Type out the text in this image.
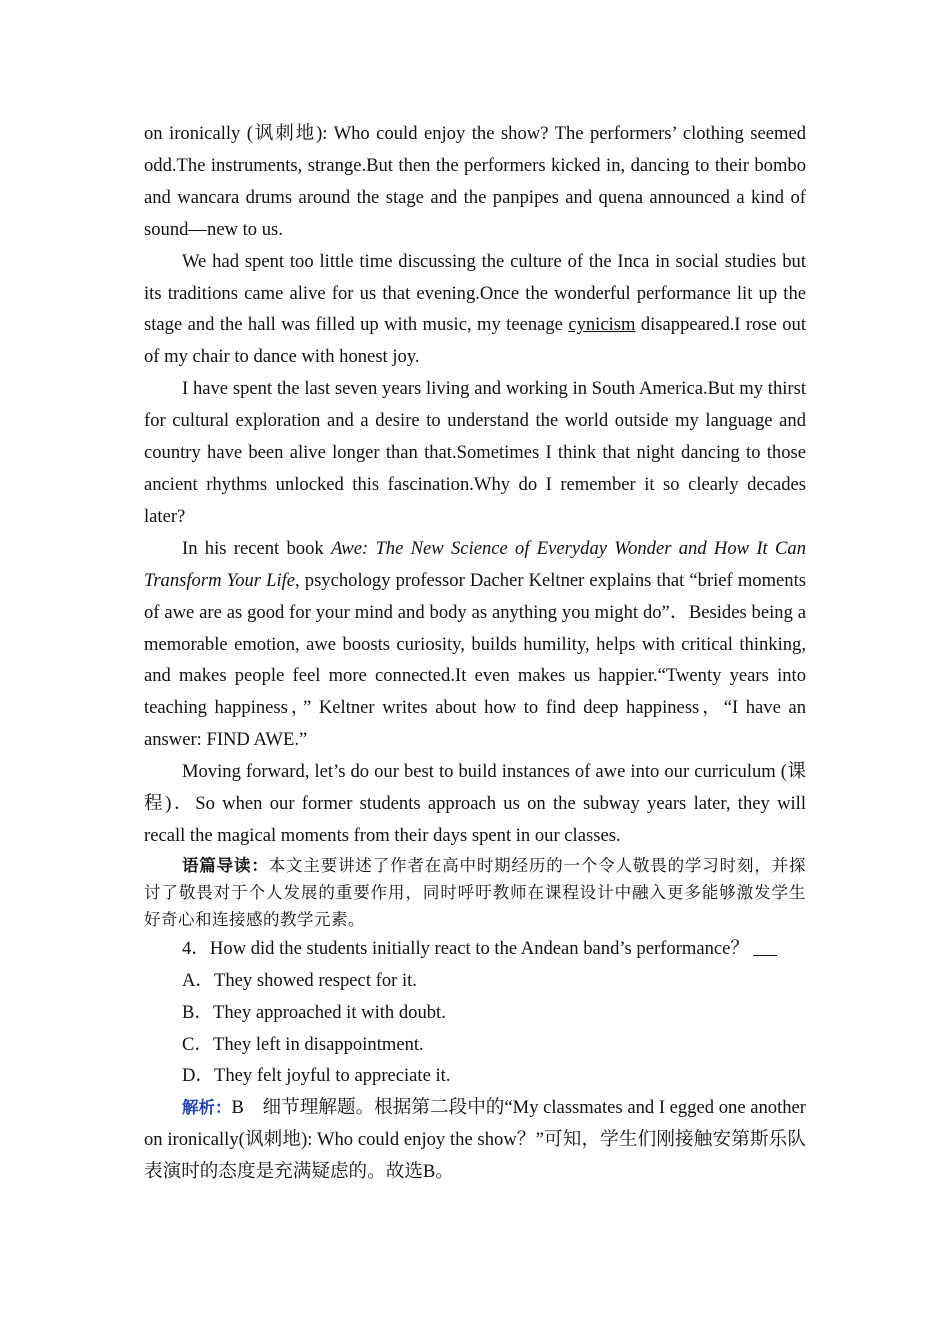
on ironically (讽刺地): Who could enjoy the show? The performers’ clothing seemed odd.The instruments, strange.But then the performers kicked in, dancing to their bombo and wancara drums around the stage and the panpipes and quena announced a kind of sound—new to us.

We had spent too little time discussing the culture of the Inca in social studies but its traditions came alive for us that evening.Once the wonderful performance lit up the stage and the hall was filled up with music, my teenage cynicism disappeared.I rose out of my chair to dance with honest joy.

I have spent the last seven years living and working in South America.But my thirst for cultural exploration and a desire to understand the world outside my language and country have been alive longer than that.Sometimes I think that night dancing to those ancient rhythms unlocked this fascination.Why do I remember it so clearly decades later?

In his recent book Awe: The New Science of Everyday Wonder and How It Can Transform Your Life, psychology professor Dacher Keltner explains that “brief moments of awe are as good for your mind and body as anything you might do”．Besides being a memorable emotion, awe boosts curiosity, builds humility, helps with critical thinking, and makes people feel more connected.It even makes us happier.“Twenty years into teaching happiness，” Keltner writes about how to find deep happiness，“I have an answer: FIND AWE.”

Moving forward, let’s do our best to build instances of awe into our curriculum (课程)．So when our former students approach us on the subway years later, they will recall the magical moments from their days spent in our classes.

语篇导读：本文主要讲述了作者在高中时期经历的一个令人敬畏的学习时刻，并探讨了敬畏对于个人发展的重要作用，同时呼吁教师在课程设计中融入更多能够激发学生好奇心和连接感的教学元素。

4．How did the students initially react to the Andean band’s performance？

A．They showed respect for it.

B．They approached it with doubt.

C．They left in disappointment.

D．They felt joyful to appreciate it.

解析：B　细节理解题。根据第二段中的“My classmates and I egged one another on ironically(讽刺地): Who could enjoy the show？”可知，学生们刚接触安第斯乐队表演时的态度是充满疑虑的。故选B。
